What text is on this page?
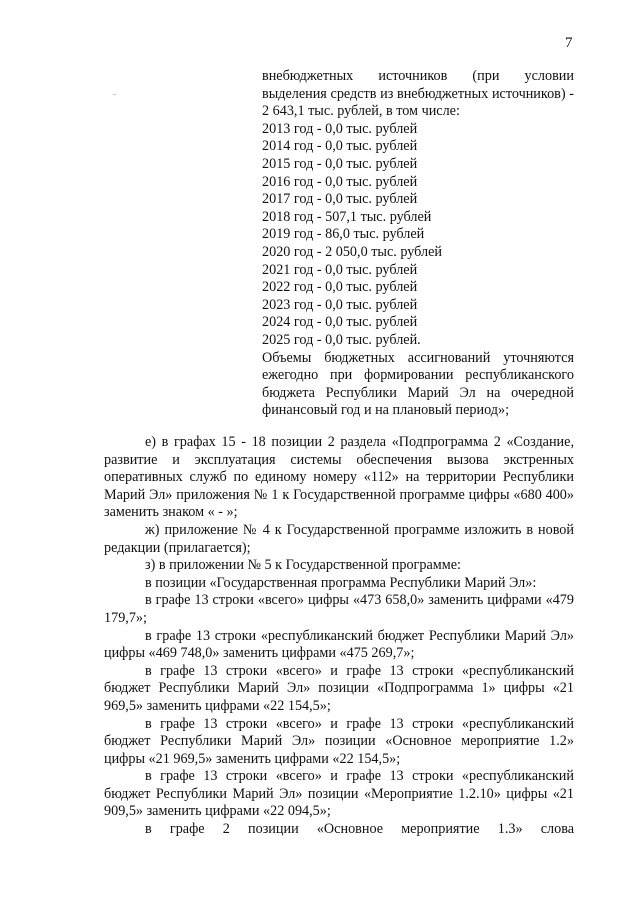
7

внебюджетных источников (при условии выделения средств из внебюджетных источников) - 2 643,1 тыс. рублей, в том числе:

2013 год - 0,0 тыс. рублей

2014 год - 0,0 тыс. рублей

2015 год - 0,0 тыс. рублей

2016 год - 0,0 тыс. рублей

2017 год - 0,0 тыс. рублей

2018 год - 507,1 тыс. рублей

2019 год - 86,0 тыс. рублей

2020 год - 2 050,0 тыс. рублей

2021 год - 0,0 тыс. рублей

2022 год - 0,0 тыс. рублей

2023 год - 0,0 тыс. рублей

2024 год - 0,0 тыс. рублей

2025 год - 0,0 тыс. рублей.

Объемы бюджетных ассигнований уточняются ежегодно при формировании республиканского бюджета Республики Марий Эл на очередной финансовый год и на плановый период»;

е) в графах 15 - 18 позиции 2 раздела «Подпрограмма 2 «Создание, развитие и эксплуатация системы обеспечения вызова экстренных оперативных служб по единому номеру «112» на территории Республики Марий Эл» приложения № 1 к Государственной программе цифры «680 400» заменить знаком « - »;

ж) приложение № 4 к Государственной программе изложить в новой редакции (прилагается);

з) в приложении № 5 к Государственной программе:

в позиции «Государственная программа Республики Марий Эл»:

в графе 13 строки «всего» цифры «473 658,0» заменить цифрами «479 179,7»;

в графе 13 строки «республиканский бюджет Республики Марий Эл» цифры «469 748,0» заменить цифрами «475 269,7»;

в графе 13 строки «всего» и графе 13 строки «республиканский бюджет Республики Марий Эл» позиции «Подпрограмма 1» цифры «21 969,5» заменить цифрами «22 154,5»;

в графе 13 строки «всего» и графе 13 строки «республиканский бюджет Республики Марий Эл» позиции «Основное мероприятие 1.2» цифры «21 969,5» заменить цифрами «22 154,5»;

в графе 13 строки «всего» и графе 13 строки «республиканский бюджет Республики Марий Эл» позиции «Мероприятие 1.2.10» цифры «21 909,5» заменить цифрами «22 094,5»;

в графе 2 позиции «Основное мероприятие 1.3» слова
